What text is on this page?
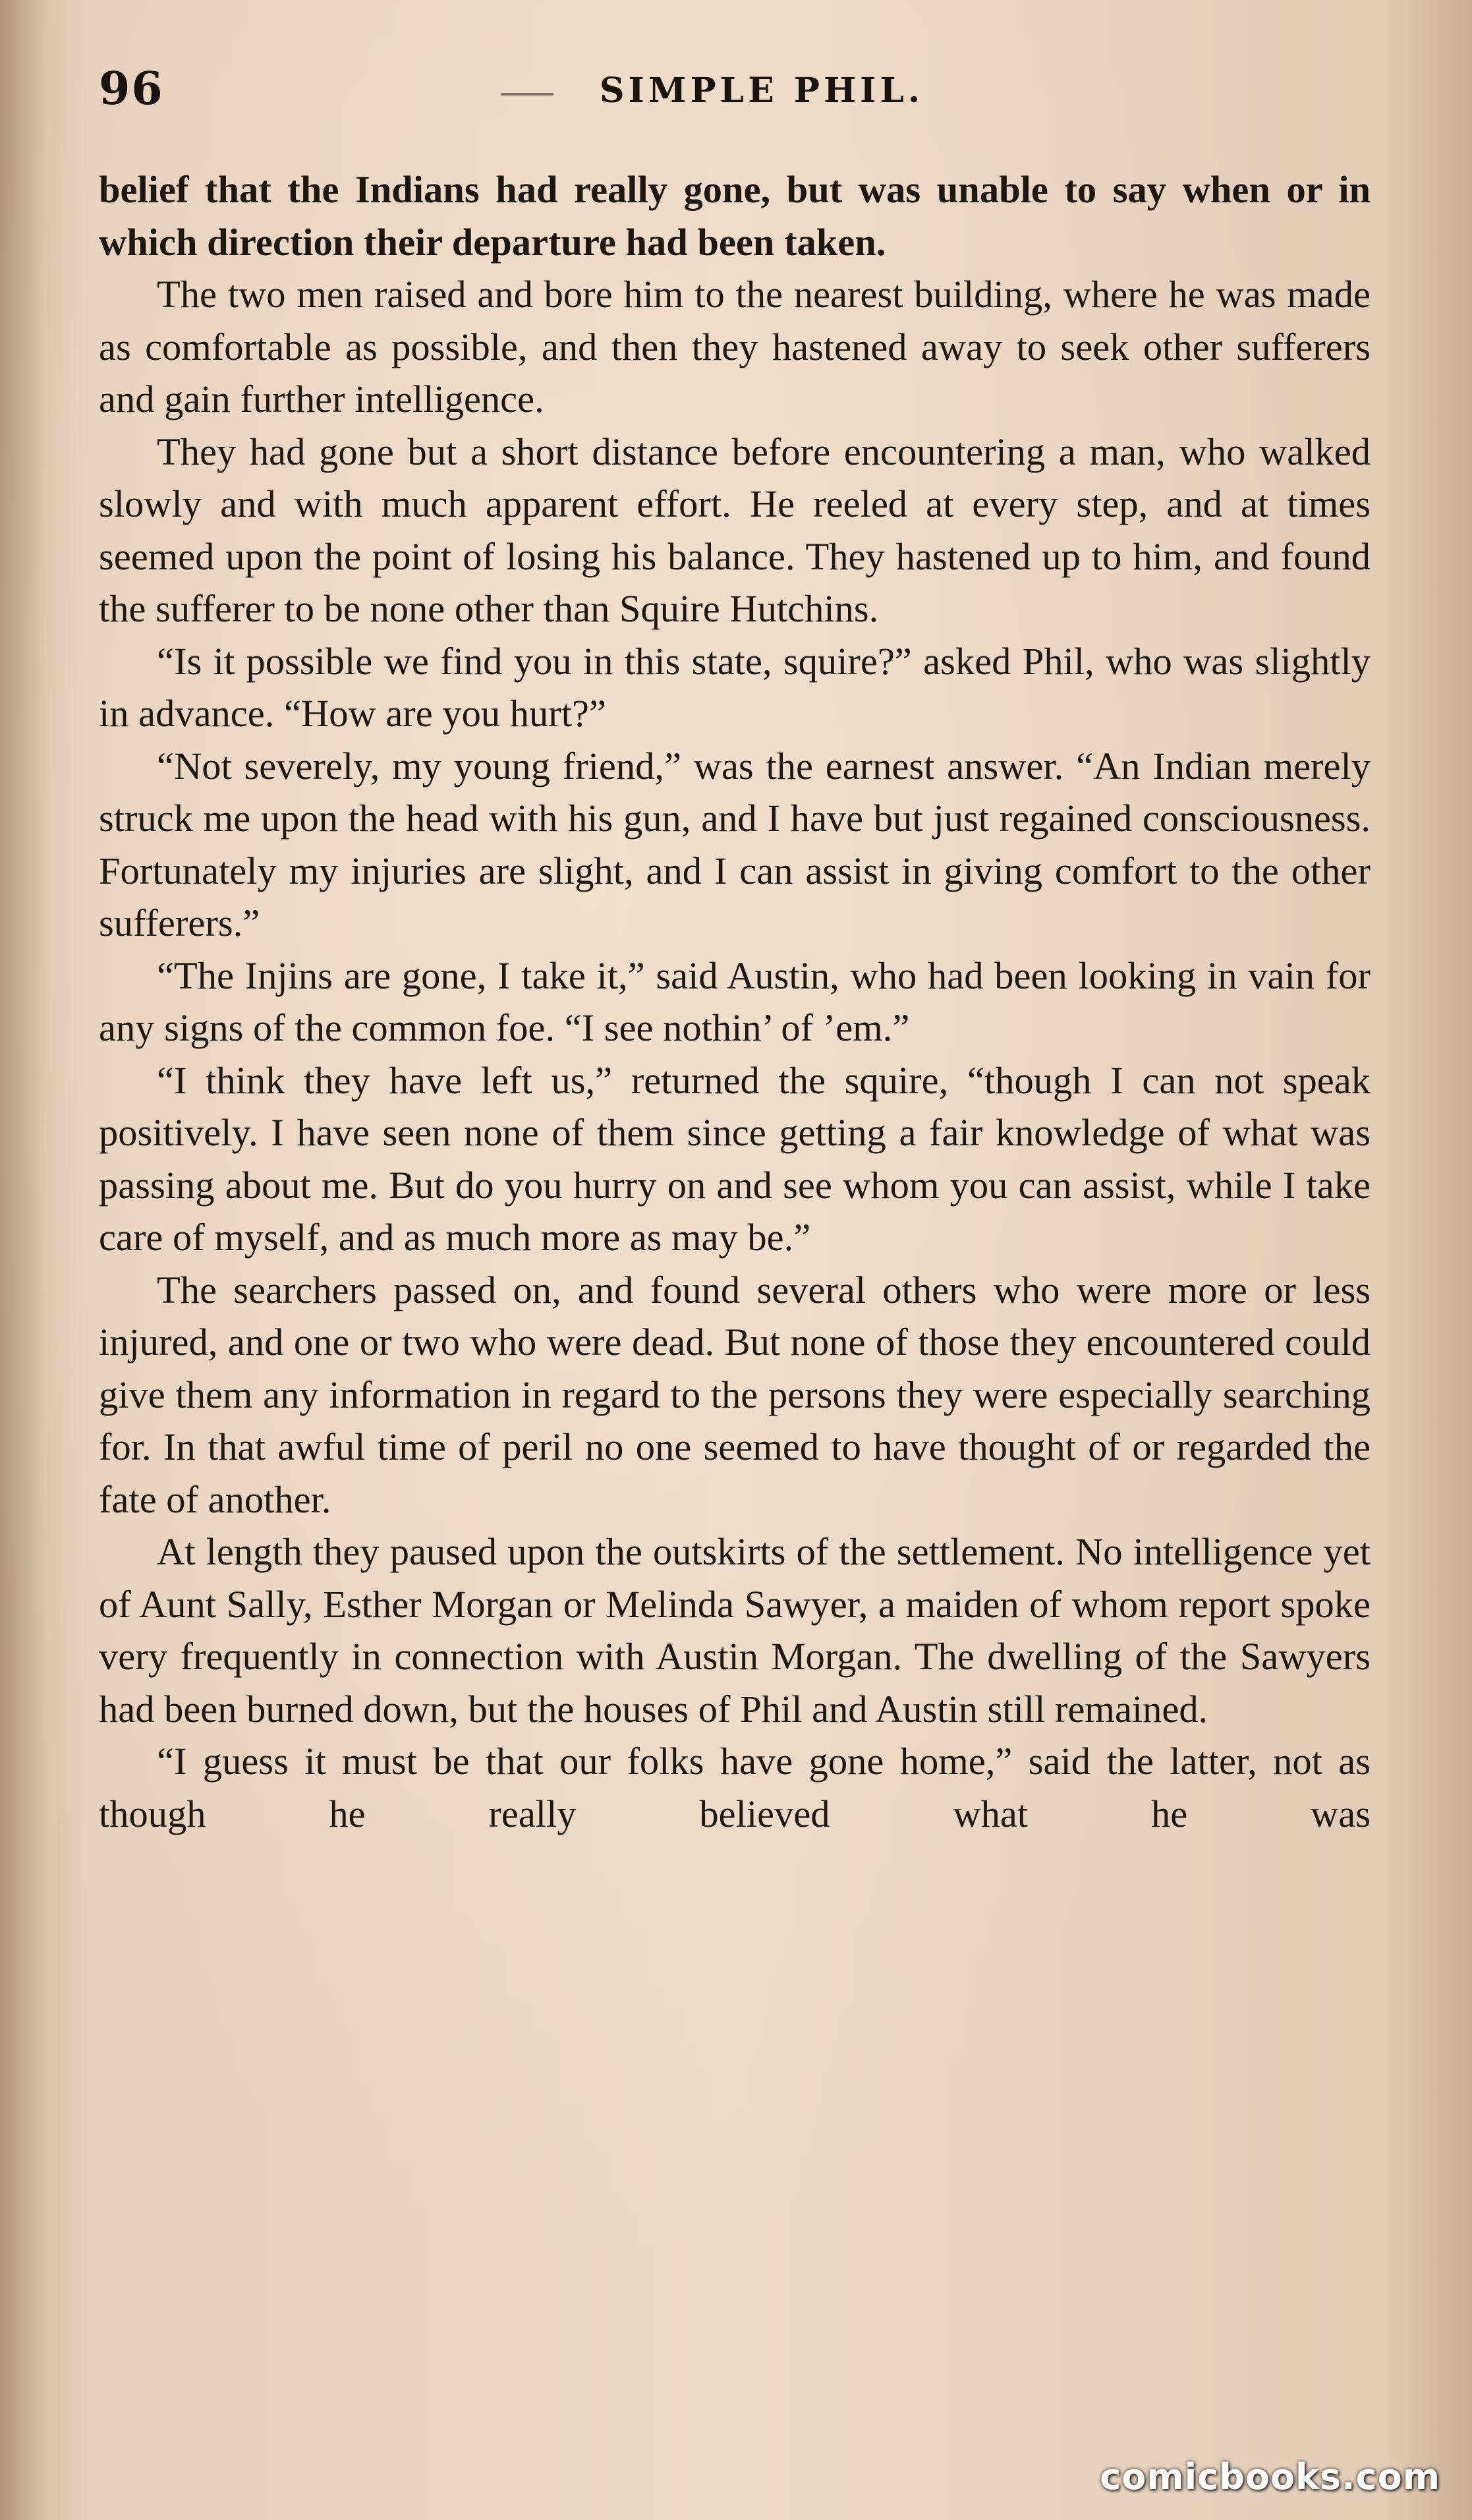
96	SIMPLE PHIL.

belief that the Indians had really gone, but was unable to say when or in which direction their departure had been taken.

The two men raised and bore him to the nearest building, where he was made as comfortable as possible, and then they hastened away to seek other sufferers and gain further intelligence.

They had gone but a short distance before encountering a man, who walked slowly and with much apparent effort. He reeled at every step, and at times seemed upon the point of losing his balance. They hastened up to him, and found the sufferer to be none other than Squire Hutchins.

“Is it possible we find you in this state, squire?” asked Phil, who was slightly in advance. “How are you hurt?”

“Not severely, my young friend,” was the earnest answer. “An Indian merely struck me upon the head with his gun, and I have but just regained consciousness. Fortunately my injuries are slight, and I can assist in giving comfort to the other sufferers.”

“The Injins are gone, I take it,” said Austin, who had been looking in vain for any signs of the common foe. “I see nothin’ of ’em.”

“I think they have left us,” returned the squire, “though I can not speak positively. I have seen none of them since getting a fair knowledge of what was passing about me. But do you hurry on and see whom you can assist, while I take care of myself, and as much more as may be.”

The searchers passed on, and found several others who were more or less injured, and one or two who were dead. But none of those they encountered could give them any information in regard to the persons they were especially searching for. In that awful time of peril no one seemed to have thought of or regarded the fate of another.

At length they paused upon the outskirts of the settlement. No intelligence yet of Aunt Sally, Esther Morgan or Melinda Sawyer, a maiden of whom report spoke very frequently in connection with Austin Morgan. The dwelling of the Sawyers had been burned down, but the houses of Phil and Austin still remained.

“I guess it must be that our folks have gone home,” said the latter, not as though he really believed what he was

comicbooks.com
